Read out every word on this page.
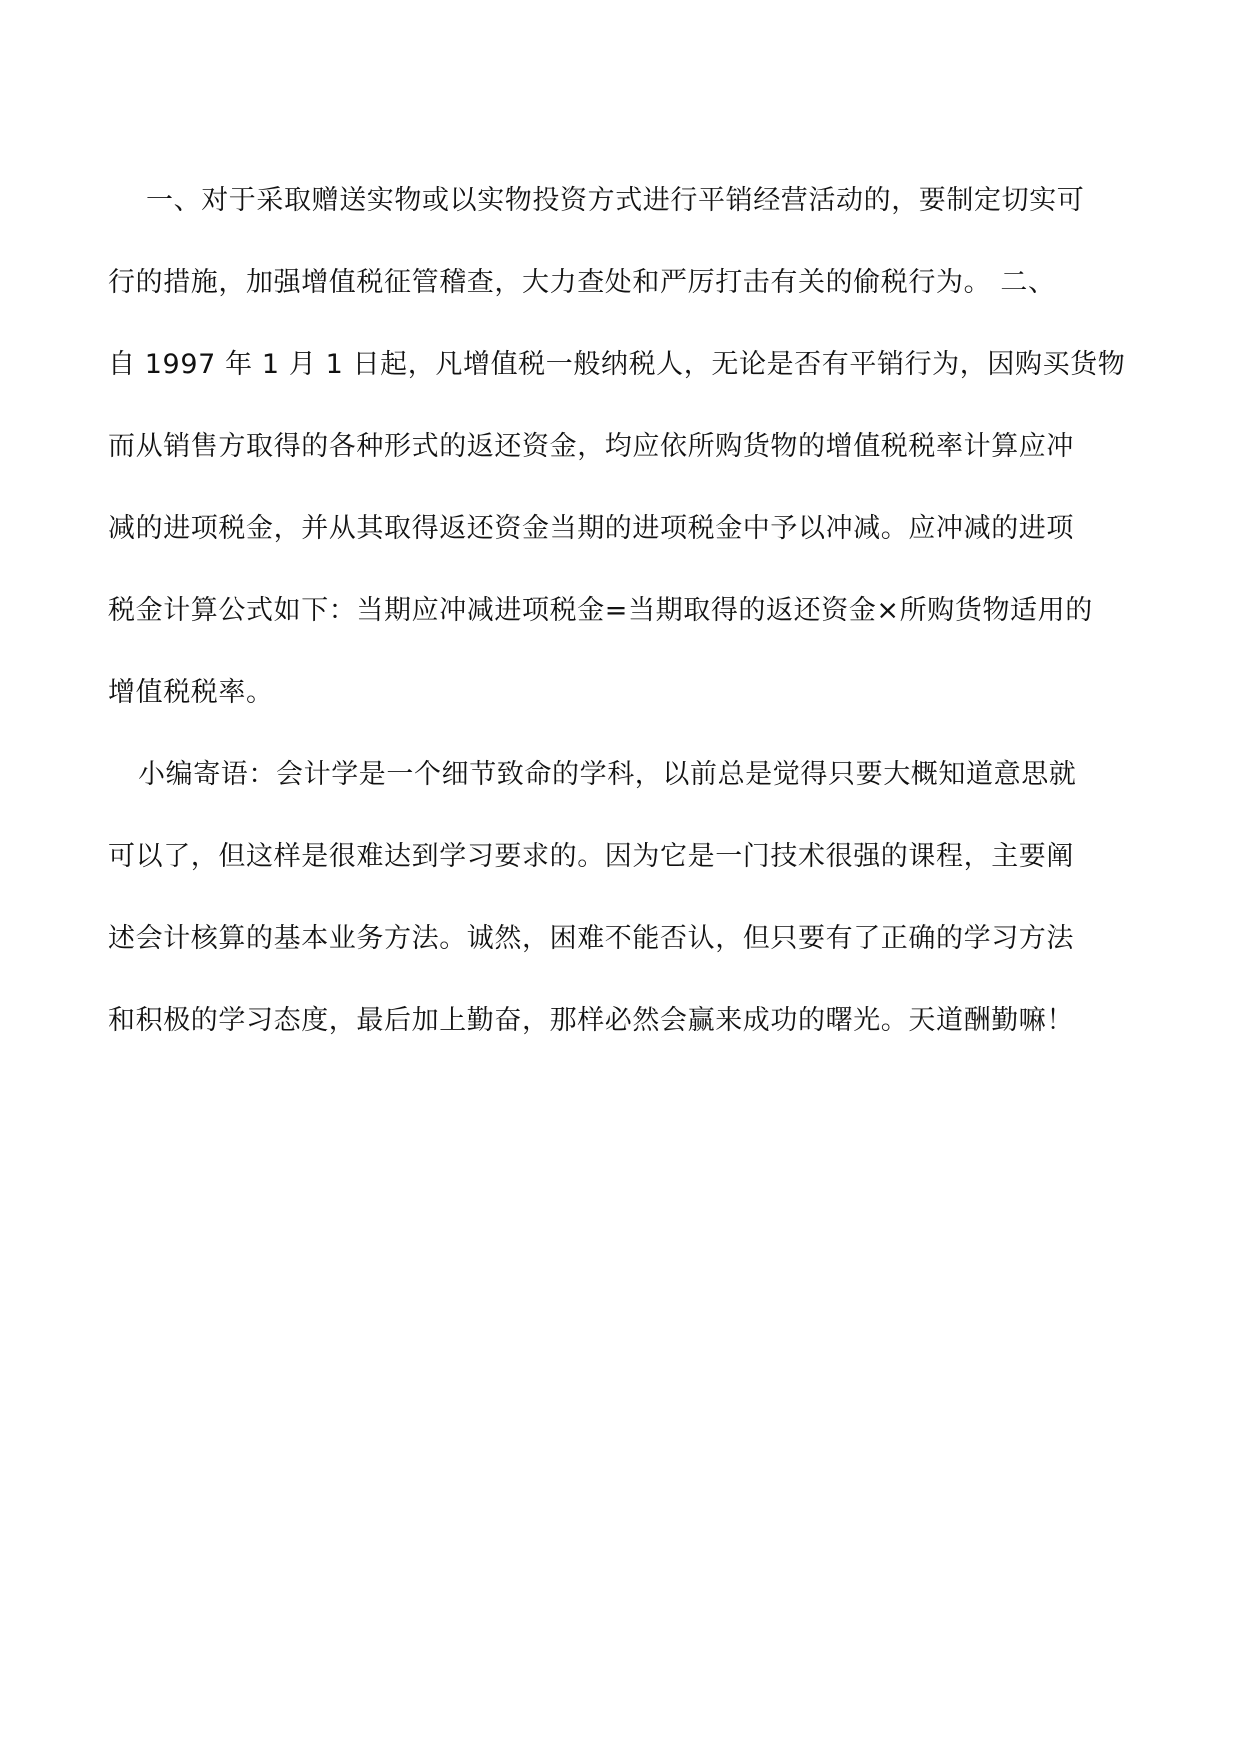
一、对于采取赠送实物或以实物投资方式进行平销经营活动的，要制定切实可
行的措施，加强增值税征管稽查，大力查处和严厉打击有关的偷税行为。 二、
自 1997 年 1 月 1 日起，凡增值税一般纳税人，无论是否有平销行为，因购买货物
而从销售方取得的各种形式的返还资金，均应依所购货物的增值税税率计算应冲
减的进项税金，并从其取得返还资金当期的进项税金中予以冲减。应冲减的进项
税金计算公式如下：当期应冲减进项税金=当期取得的返还资金×所购货物适用的
增值税税率。
小编寄语：会计学是一个细节致命的学科，以前总是觉得只要大概知道意思就
可以了，但这样是很难达到学习要求的。因为它是一门技术很强的课程，主要阐
述会计核算的基本业务方法。诚然，困难不能否认，但只要有了正确的学习方法
和积极的学习态度，最后加上勤奋，那样必然会赢来成功的曙光。天道酬勤嘛！
